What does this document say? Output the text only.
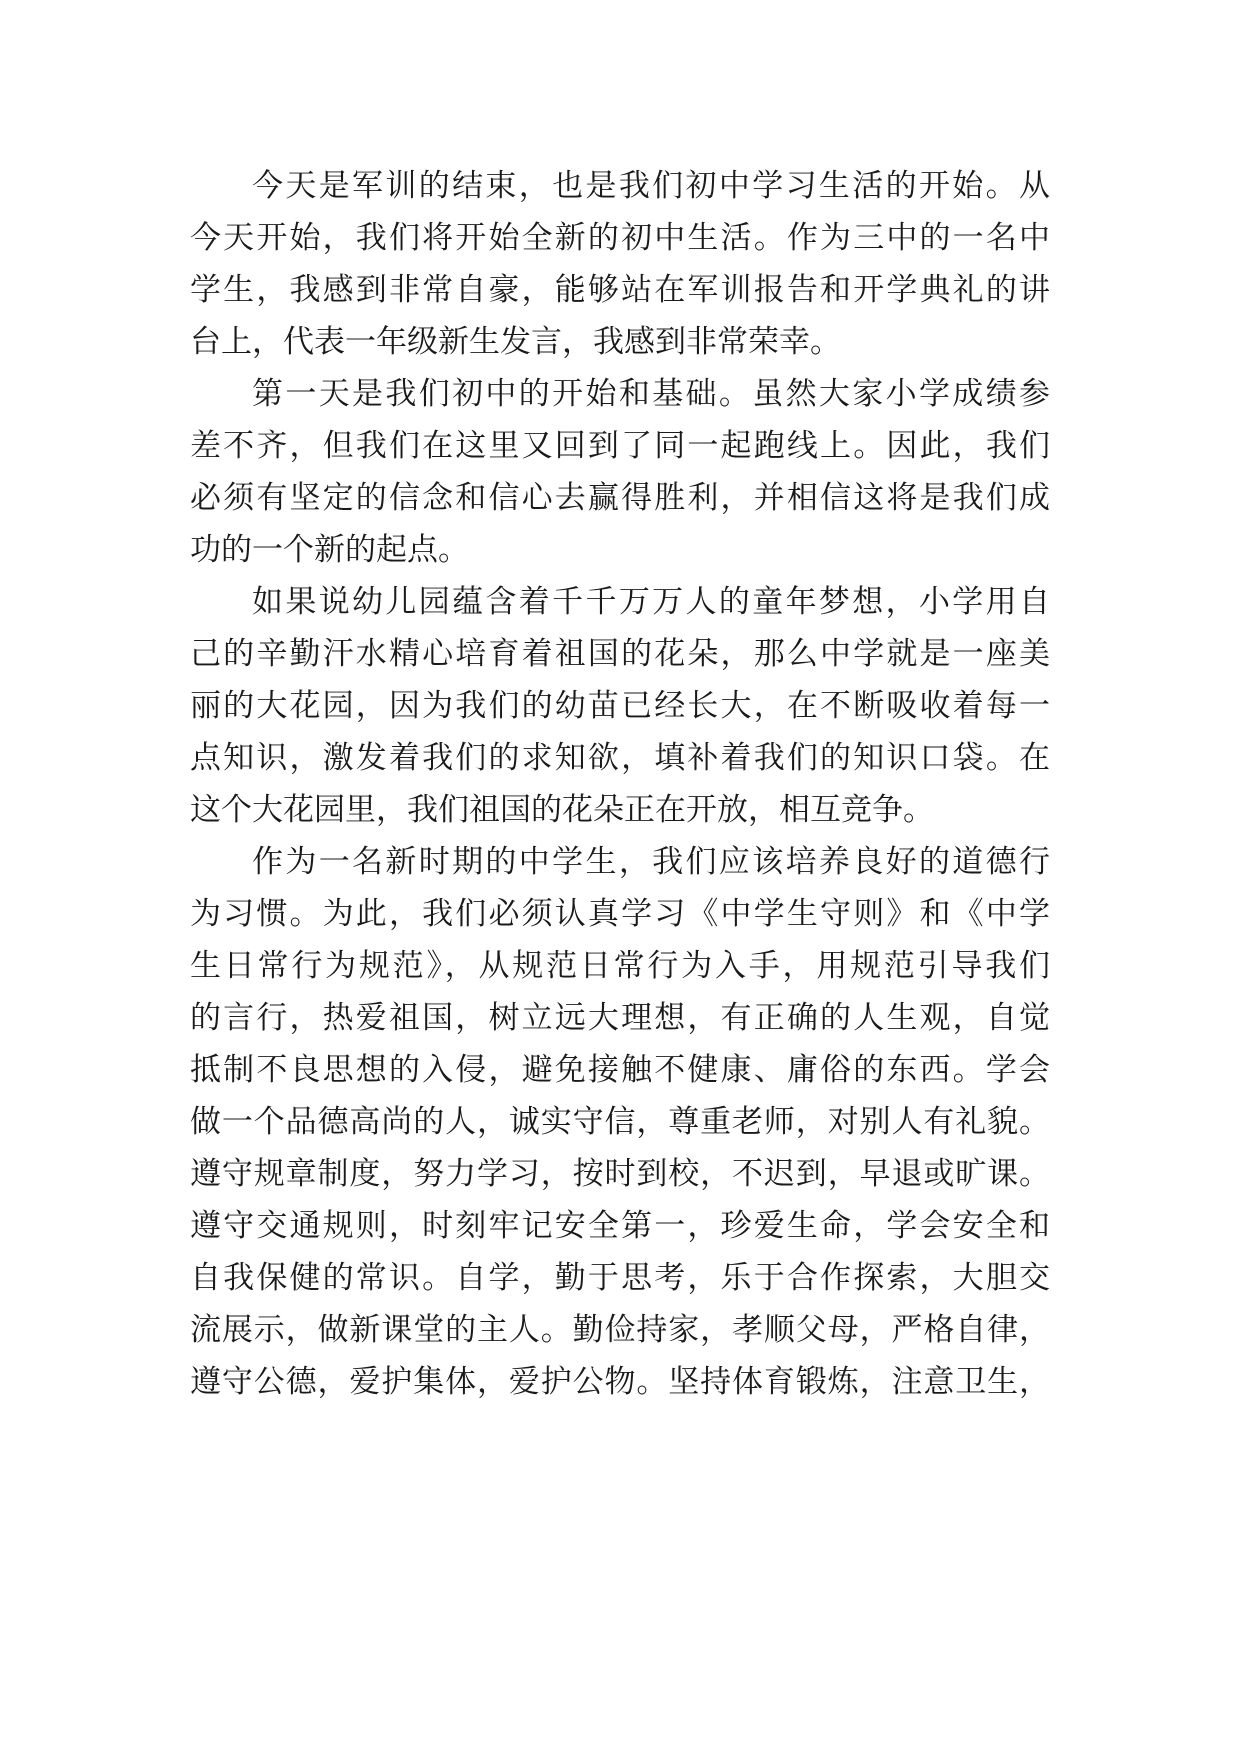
今天是军训的结束，也是我们初中学习生活的开始。从
今天开始，我们将开始全新的初中生活。作为三中的一名中
学生，我感到非常自豪，能够站在军训报告和开学典礼的讲
台上，代表一年级新生发言，我感到非常荣幸。
第一天是我们初中的开始和基础。虽然大家小学成绩参
差不齐，但我们在这里又回到了同一起跑线上。因此，我们
必须有坚定的信念和信心去赢得胜利，并相信这将是我们成
功的一个新的起点。
如果说幼儿园蕴含着千千万万人的童年梦想，小学用自
己的辛勤汗水精心培育着祖国的花朵，那么中学就是一座美
丽的大花园，因为我们的幼苗已经长大，在不断吸收着每一
点知识，激发着我们的求知欲，填补着我们的知识口袋。在
这个大花园里，我们祖国的花朵正在开放，相互竞争。
作为一名新时期的中学生，我们应该培养良好的道德行
为习惯。为此，我们必须认真学习《中学生守则》和《中学
生日常行为规范》，从规范日常行为入手，用规范引导我们
的言行，热爱祖国，树立远大理想，有正确的人生观，自觉
抵制不良思想的入侵，避免接触不健康、庸俗的东西。学会
做一个品德高尚的人，诚实守信，尊重老师，对别人有礼貌。
遵守规章制度，努力学习，按时到校，不迟到，早退或旷课。
遵守交通规则，时刻牢记安全第一，珍爱生命，学会安全和
自我保健的常识。自学，勤于思考，乐于合作探索，大胆交
流展示，做新课堂的主人。勤俭持家，孝顺父母，严格自律，
遵守公德，爱护集体，爱护公物。坚持体育锻炼，注意卫生，
